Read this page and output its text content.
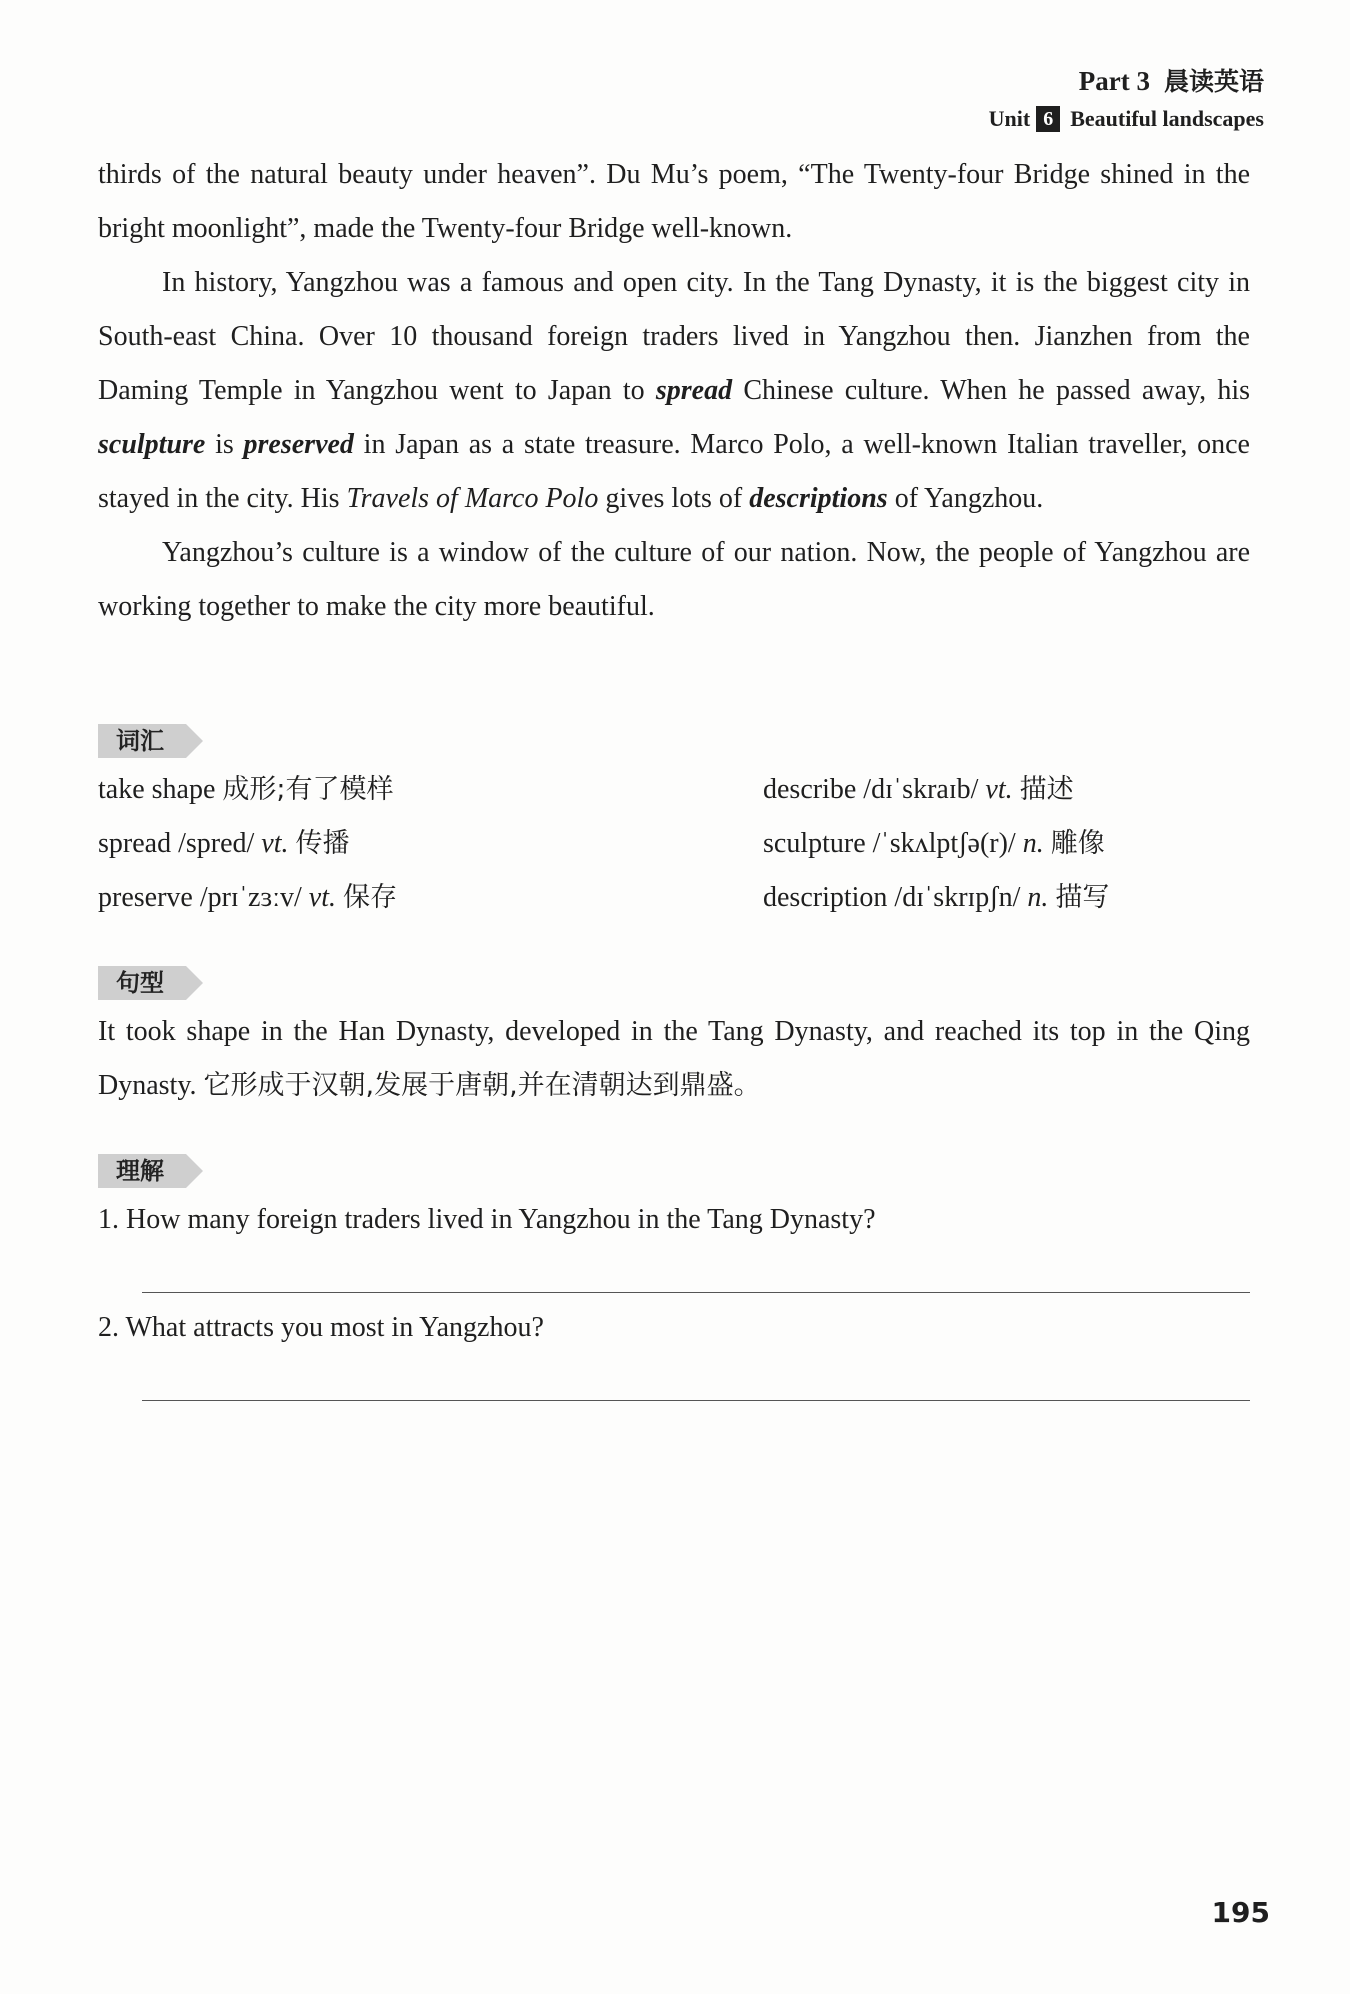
Part 3 晨读英语
Unit 6 Beautiful landscapes

thirds of the natural beauty under heaven”. Du Mu’s poem, “The Twenty-four Bridge shined in the bright moonlight”, made the Twenty-four Bridge well-known.

In history, Yangzhou was a famous and open city. In the Tang Dynasty, it is the biggest city in South-east China. Over 10 thousand foreign traders lived in Yangzhou then. Jianzhen from the Daming Temple in Yangzhou went to Japan to spread Chinese culture. When he passed away, his sculpture is preserved in Japan as a state treasure. Marco Polo, a well-known Italian traveller, once stayed in the city. His Travels of Marco Polo gives lots of descriptions of Yangzhou.

Yangzhou’s culture is a window of the culture of our nation. Now, the people of Yangzhou are working together to make the city more beautiful.

词汇
take shape 成形;有了模样	describe /dɪˈskraɪb/ vt. 描述
spread /spred/ vt. 传播	sculpture /ˈskʌlptʃə(r)/ n. 雕像
preserve /prɪˈzɜːv/ vt. 保存	description /dɪˈskrɪpʃn/ n. 描写
句型

It took shape in the Han Dynasty, developed in the Tang Dynasty, and reached its top in the Qing Dynasty. 它形成于汉朝,发展于唐朝,并在清朝达到鼎盛。

理解
1. How many foreign traders lived in Yangzhou in the Tang Dynasty?
2. What attracts you most in Yangzhou?
195
